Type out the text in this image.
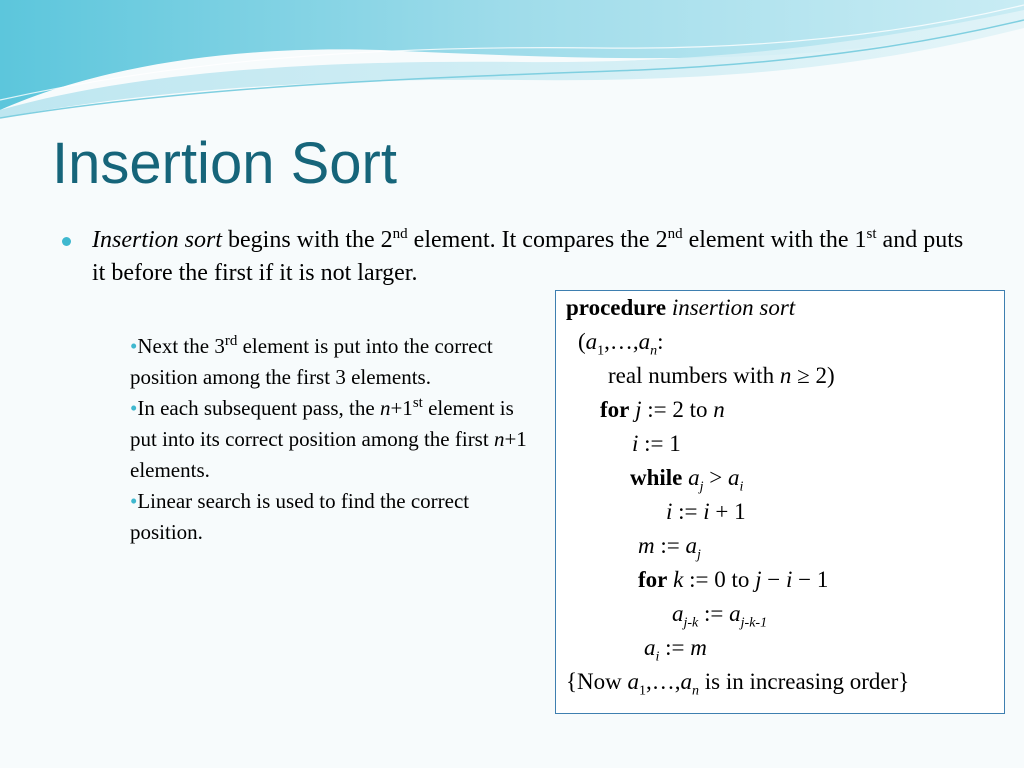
Insertion Sort
Insertion sort begins with the 2nd element. It compares the 2nd element with the 1st and puts it before the first if it is not larger.
•Next the 3rd element is put into the correct position among the first 3 elements.
•In each subsequent pass, the n+1st element is put into its correct position among the first n+1 elements.
•Linear search is used to find the correct position.
procedure insertion sort
($a_1,\dots,a_n$:
real numbers with n ≥ 2)
for j := 2 to n
i := 1
while $a_j > a_i$
i := i + 1
m := $a_j$
for k := 0 to j − i − 1
$a_{j-k}$ := $a_{j-k-1}$
$a_i$ := m
{Now $a_1,\dots,a_n$ is in increasing order}
